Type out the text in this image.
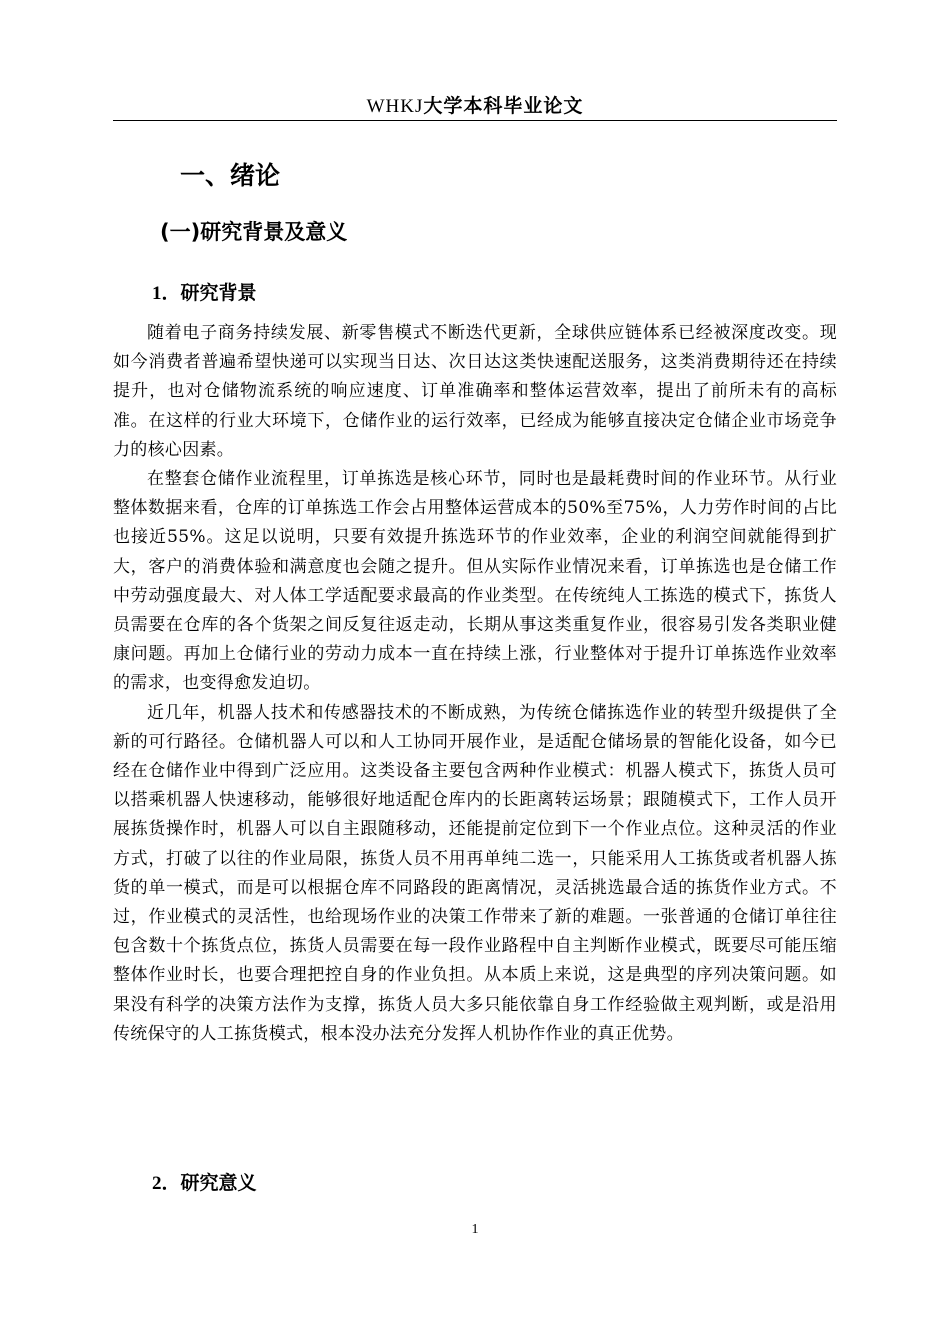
WHKJ大学本科毕业论文
一、绪论
(一)研究背景及意义
1．研究背景

随着电子商务持续发展、新零售模式不断迭代更新，全球供应链体系已经被深度改变。现如今消费者普遍希望快递可以实现当日达、次日达这类快速配送服务，这类消费期待还在持续提升，也对仓储物流系统的响应速度、订单准确率和整体运营效率，提出了前所未有的高标准。在这样的行业大环境下，仓储作业的运行效率，已经成为能够直接决定仓储企业市场竞争力的核心因素。

在整套仓储作业流程里，订单拣选是核心环节，同时也是最耗费时间的作业环节。从行业整体数据来看，仓库的订单拣选工作会占用整体运营成本的50%至75%，人力劳作时间的占比也接近55%。这足以说明，只要有效提升拣选环节的作业效率，企业的利润空间就能得到扩大，客户的消费体验和满意度也会随之提升。但从实际作业情况来看，订单拣选也是仓储工作中劳动强度最大、对人体工学适配要求最高的作业类型。在传统纯人工拣选的模式下，拣货人员需要在仓库的各个货架之间反复往返走动，长期从事这类重复作业，很容易引发各类职业健康问题。再加上仓储行业的劳动力成本一直在持续上涨，行业整体对于提升订单拣选作业效率的需求，也变得愈发迫切。

近几年，机器人技术和传感器技术的不断成熟，为传统仓储拣选作业的转型升级提供了全新的可行路径。仓储机器人可以和人工协同开展作业，是适配仓储场景的智能化设备，如今已经在仓储作业中得到广泛应用。这类设备主要包含两种作业模式：机器人模式下，拣货人员可以搭乘机器人快速移动，能够很好地适配仓库内的长距离转运场景；跟随模式下，工作人员开展拣货操作时，机器人可以自主跟随移动，还能提前定位到下一个作业点位。这种灵活的作业方式，打破了以往的作业局限，拣货人员不用再单纯二选一，只能采用人工拣货或者机器人拣货的单一模式，而是可以根据仓库不同路段的距离情况，灵活挑选最合适的拣货作业方式。不过，作业模式的灵活性，也给现场作业的决策工作带来了新的难题。一张普通的仓储订单往往包含数十个拣货点位，拣货人员需要在每一段作业路程中自主判断作业模式，既要尽可能压缩整体作业时长，也要合理把控自身的作业负担。从本质上来说，这是典型的序列决策问题。如果没有科学的决策方法作为支撑，拣货人员大多只能依靠自身工作经验做主观判断，或是沿用传统保守的人工拣货模式，根本没办法充分发挥人机协作作业的真正优势。

2．研究意义
1
